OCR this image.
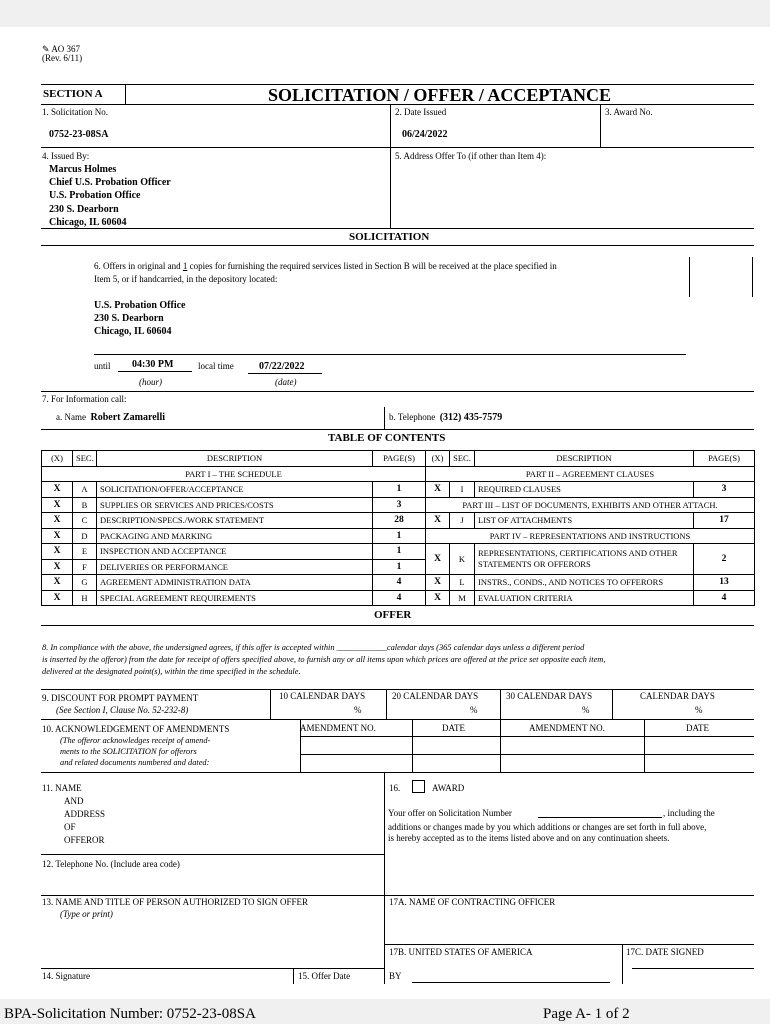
✎ AO 367
(Rev. 6/11)
SECTION A	SOLICITATION / OFFER / ACCEPTANCE
1. Solicitation No.
0752-23-08SA
2. Date Issued
06/24/2022
3. Award No.
4. Issued By:
Marcus Holmes
Chief U.S. Probation Officer
U.S. Probation Office
230 S. Dearborn
Chicago, IL 60604
5. Address Offer To (if other than Item 4):
SOLICITATION
6. Offers in original and 1 copies for furnishing the required services listed in Section B will be received at the place specified in
Item 5, or if handcarried, in the depository located:
U.S. Probation Office
230 S. Dearborn
Chicago, IL 60604
until 04:30 PM	local time	07/22/2022
(hour)	(date)
7. For Information call:
a. Name Robert Zamarelli	b. Telephone (312) 435-7579
TABLE OF CONTENTS
(X)	SEC.	DESCRIPTION	PAGE(S)	(X)	SEC.	DESCRIPTION	PAGE(S)
PART I – THE SCHEDULE				PART II – AGREEMENT CLAUSES			
X	A	SOLICITATION/OFFER/ACCEPTANCE	1	X	I	REQUIRED CLAUSES	3
X	B	SUPPLIES OR SERVICES AND PRICES/COSTS	3	PART III – LIST OF DOCUMENTS, EXHIBITS AND OTHER ATTACH.			
X	C	DESCRIPTION/SPECS./WORK STATEMENT	28	X	J	LIST OF ATTACHMENTS	17
X	D	PACKAGING AND MARKING	1	PART IV – REPRESENTATIONS AND INSTRUCTIONS			
X	E	INSPECTION AND ACCEPTANCE	1	X	K	REPRESENTATIONS, CERTIFICATIONS AND OTHER STATEMENTS OR OFFERORS	2
X	F	DELIVERIES OR PERFORMANCE	1				
X	G	AGREEMENT ADMINISTRATION DATA	4	X	L	INSTRS., CONDS., AND NOTICES TO OFFERORS	13
X	H	SPECIAL AGREEMENT REQUIREMENTS	4	X	M	EVALUATION CRITERIA	4
OFFER
8. In compliance with the above, the undersigned agrees, if this offer is accepted within ____________calendar days (365 calendar days unless a different period
is inserted by the offeror) from the date for receipt of offers specified above, to furnish any or all items upon which prices are offered at the price set opposite each item,
delivered at the designated point(s), within the time specified in the schedule.
9. DISCOUNT FOR PROMPT PAYMENT
(See Section I, Clause No. 52-232-8)
10 CALENDAR DAYS	20 CALENDAR DAYS	30 CALENDAR DAYS	CALENDAR DAYS
%	%	%	%
10. ACKNOWLEDGEMENT OF AMENDMENTS
(The offeror acknowledges receipt of amend-
ments to the SOLICITATION for offerors
and related documents numbered and dated:
AMENDMENT NO.	DATE	AMENDMENT NO.	DATE
11. NAME
AND
ADDRESS
OF
OFFEROR
12. Telephone No. (Include area code)
13. NAME AND TITLE OF PERSON AUTHORIZED TO SIGN OFFER
(Type or print)
14. Signature	15. Offer Date
16.	AWARD
Your offer on Solicitation Number	, including the
additions or changes made by you which additions or changes are set forth in full above,
is hereby accepted as to the items listed above and on any continuation sheets.
17A. NAME OF CONTRACTING OFFICER
17B. UNITED STATES OF AMERICA	17C. DATE SIGNED
BY
BPA-Solicitation Number: 0752-23-08SA	Page A- 1 of 2
